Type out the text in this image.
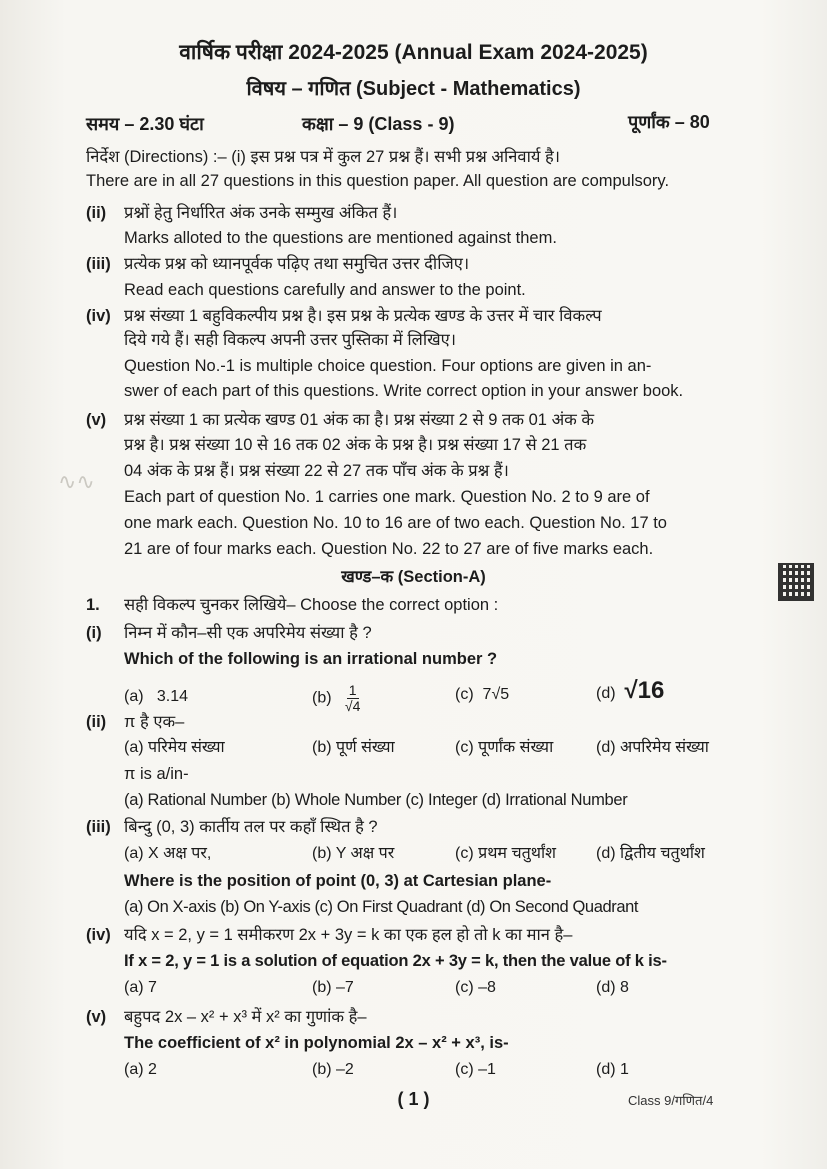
वार्षिक परीक्षा 2024-2025 (Annual Exam 2024-2025)
विषय – गणित (Subject - Mathematics)
समय – 2.30 घंटा	कक्षा – 9 (Class - 9)	पूर्णांक – 80
निर्देश (Directions) :– (i) इस प्रश्न पत्र में कुल 27 प्रश्न हैं। सभी प्रश्न अनिवार्य है।
There are in all 27 questions in this question paper. All question are compulsory.
(ii) प्रश्नों हेतु निर्धारित अंक उनके सम्मुख अंकित हैं।
Marks alloted to the questions are mentioned against them.
(iii) प्रत्येक प्रश्न को ध्यानपूर्वक पढ़िए तथा समुचित उत्तर दीजिए।
Read each questions carefully and answer to the point.
(iv) प्रश्न संख्या 1 बहुविकल्पीय प्रश्न है। इस प्रश्न के प्रत्येक खण्ड के उत्तर में चार विकल्प
दिये गये हैं। सही विकल्प अपनी उत्तर पुस्तिका में लिखिए।
Question No.-1 is multiple choice question. Four options are given in an-
swer of each part of this questions. Write correct option in your answer book.
(v) प्रश्न संख्या 1 का प्रत्येक खण्ड 01 अंक का है। प्रश्न संख्या 2 से 9 तक 01 अंक के
प्रश्न है। प्रश्न संख्या 10 से 16 तक 02 अंक के प्रश्न है। प्रश्न संख्या 17 से 21 तक
04 अंक के प्रश्न हैं। प्रश्न संख्या 22 से 27 तक पाँच अंक के प्रश्न हैं।
Each part of question No. 1 carries one mark. Question No. 2 to 9 are of
one mark each. Question No. 10 to 16 are of two each. Question No. 17 to
21 are of four marks each. Question No. 22 to 27 are of five marks each.
∿∿
खण्ड–क (Section-A)
1. सही विकल्प चुनकर लिखिये– Choose the correct option :
(i) निम्न में कौन–सी एक अपरिमेय संख्या है ?
Which of the following is an irrational number ?
(a) 3.14	$(b) \frac{1}{√4}$	(c) 7√5	(d) √16
(ii) π है एक–
(a) परिमेय संख्या	(b) पूर्ण संख्या	(c) पूर्णांक संख्या	(d) अपरिमेय संख्या
π is a/in-
(a) Rational Number (b) Whole Number (c) Integer (d) Irrational Number
(iii) बिन्दु (0, 3) कार्तीय तल पर कहाँ स्थित है ?
(a) X अक्ष पर,	(b) Y अक्ष पर	(c) प्रथम चतुर्थांश	(d) द्वितीय चतुर्थांश
Where is the position of point (0, 3) at Cartesian plane-
(a) On X-axis (b) On Y-axis (c) On First Quadrant (d) On Second Quadrant
(iv) यदि x = 2, y = 1 समीकरण 2x + 3y = k का एक हल हो तो k का मान है–
If x = 2, y = 1 is a solution of equation 2x + 3y = k, then the value of k is-
(a) 7	(b) –7	(c) –8	(d) 8
(v) बहुपद 2x – x² + x³ में x² का गुणांक है–
The coefficient of x² in polynomial 2x – x² + x³, is-
(a) 2	(b) –2	(c) –1	(d) 1
( 1 )	Class 9/गणित/4
